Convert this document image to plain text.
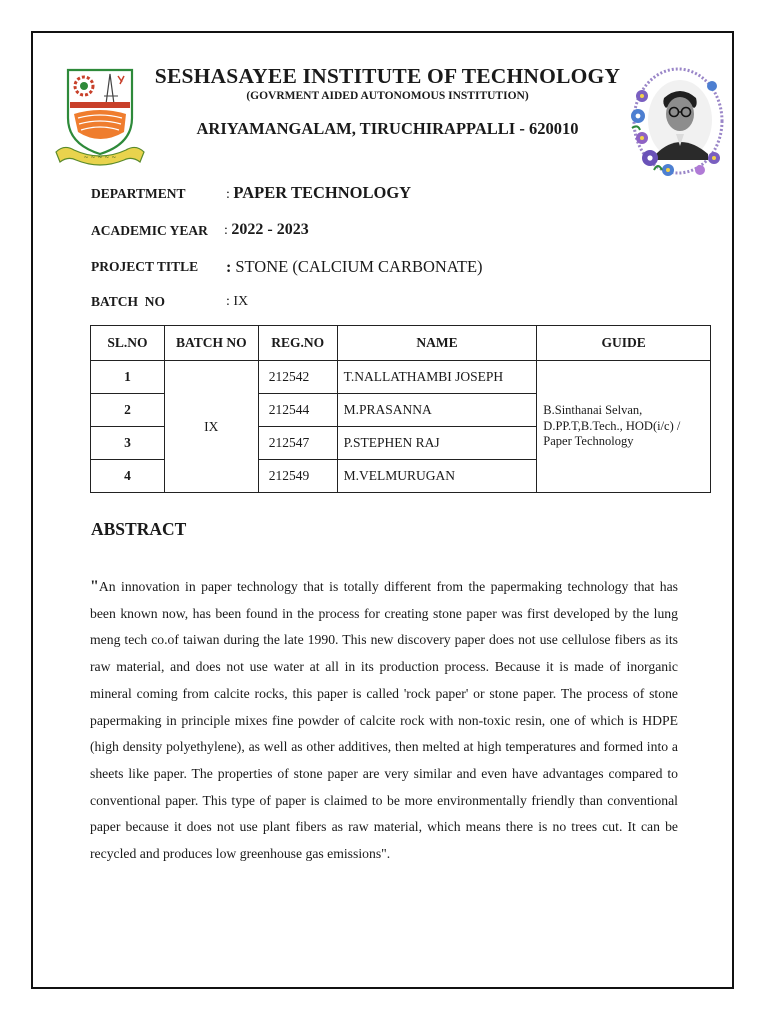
~ ~ ~ ~ ~
SESHASAYEE INSTITUTE OF TECHNOLOGY
(GOVRMENT AIDED AUTONOMOUS INSTITUTION)
ARIYAMANGALAM, TIRUCHIRAPPALLI - 620010
DEPARTMENT	: PAPER TECHNOLOGY
ACADEMIC YEAR : 2022 - 2023
PROJECT TITLE : STONE (CALCIUM CARBONATE)
BATCH  NO	: IX
SL.NO	BATCH NO	REG.NO	NAME	GUIDE
1	IX	212542	T.NALLATHAMBI JOSEPH	B.Sinthanai Selvan, D.PP.T,B.Tech., HOD(i/c) / Paper Technology
2		212544	M.PRASANNA	
3		212547	P.STEPHEN RAJ	
4		212549	M.VELMURUGAN	
ABSTRACT
"An innovation in paper technology that is totally different from the papermaking technology that has been known now, has been found in the process for creating stone paper was first developed by the lung meng tech co.of taiwan during the late 1990. This new discovery paper does not use cellulose fibers as its raw material, and does not use water at all in its production process. Because it is made of inorganic mineral coming from calcite rocks, this paper is called 'rock paper' or stone paper. The process of stone papermaking in principle mixes fine powder of calcite rock with non-toxic resin, one of which is HDPE (high density polyethylene), as well as other additives, then melted at high temperatures and formed into a sheets like paper. The properties of stone paper are very similar and even have advantages compared to conventional paper. This type of paper is claimed to be more environmentally friendly than conventional paper because it does not use plant fibers as raw material, which means there is no trees cut. It can be recycled and produces low greenhouse gas emissions".
